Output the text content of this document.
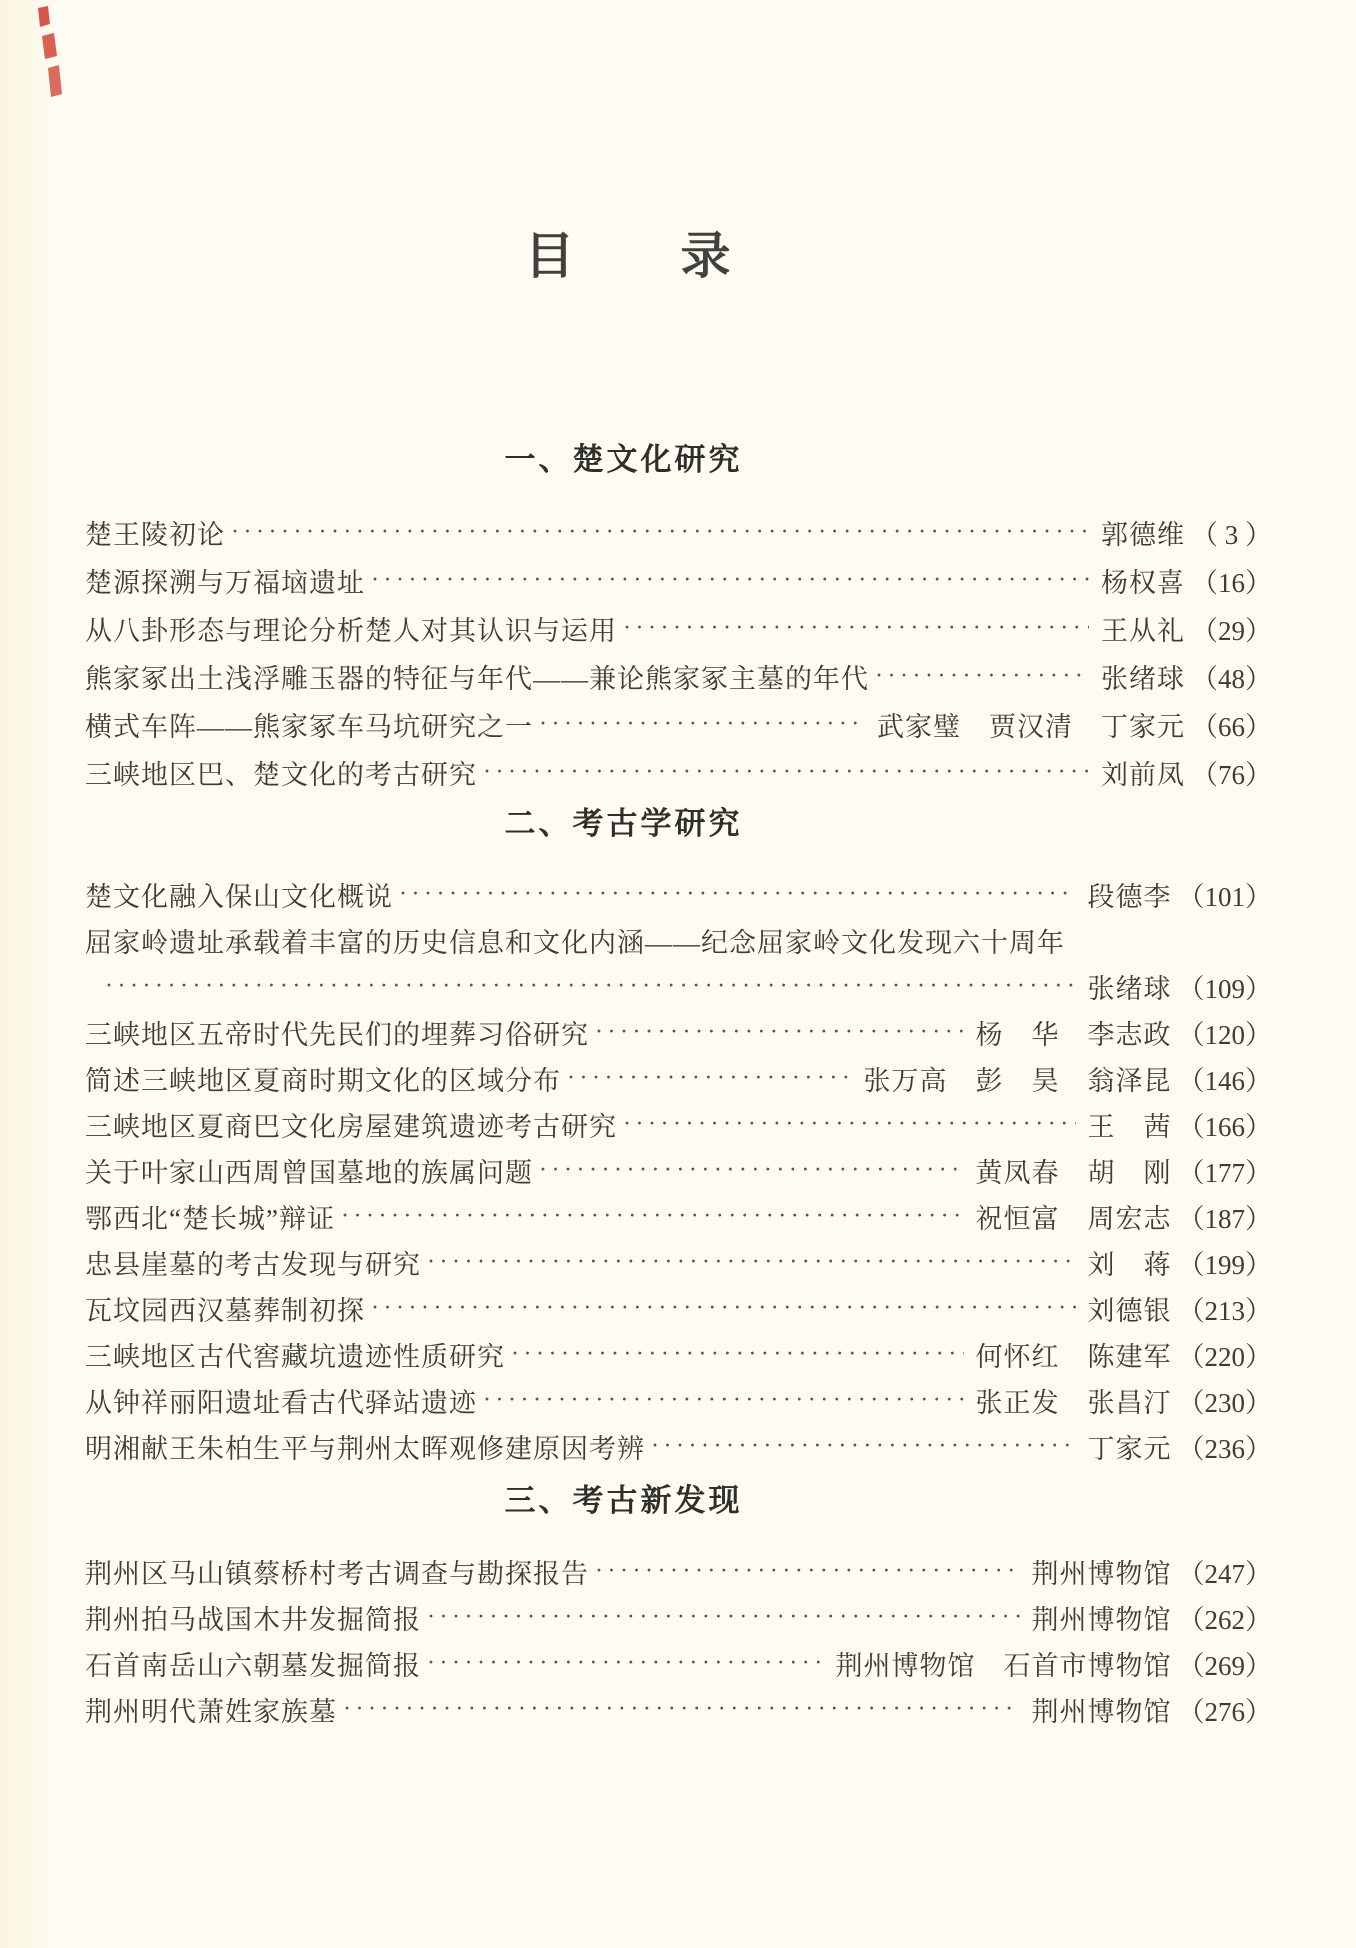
目　　录
一、楚文化研究
楚王陵初论 ·····	郭德维 （ 3 ）
楚源探溯与万福垴遗址 ·····	杨权喜 （16）
从八卦形态与理论分析楚人对其认识与运用 ·····	王从礼 （29）
熊家冢出土浅浮雕玉器的特征与年代——兼论熊家冢主墓的年代 ·····	张绪球 （48）
横式车阵——熊家冢车马坑研究之一 ·····	武家璧　贾汉清　丁家元 （66）
三峡地区巴、楚文化的考古研究 ·····	刘前凤 （76）
二、考古学研究
楚文化融入保山文化概说 ·····	段德李 （101）
屈家岭遗址承载着丰富的历史信息和文化内涵——纪念屈家岭文化发现六十周年
·····
张绪球 （109）
三峡地区五帝时代先民们的埋葬习俗研究 ·····	杨　华　李志政 （120）
简述三峡地区夏商时期文化的区域分布 ·····	张万高　彭　昊　翁泽昆 （146）
三峡地区夏商巴文化房屋建筑遗迹考古研究 ·····	王　茜 （166）
关于叶家山西周曾国墓地的族属问题 ·····	黄凤春　胡　刚 （177）
鄂西北“楚长城”辩证 ·····	祝恒富　周宏志 （187）
忠县崖墓的考古发现与研究 ·····	刘　蒋 （199）
瓦坟园西汉墓葬制初探 ·····	刘德银 （213）
三峡地区古代窖藏坑遗迹性质研究 ·····	何怀红　陈建军 （220）
从钟祥丽阳遗址看古代驿站遗迹 ·····	张正发　张昌汀 （230）
明湘献王朱柏生平与荆州太晖观修建原因考辨 ·····	丁家元 （236）
三、考古新发现
荆州区马山镇蔡桥村考古调查与勘探报告 ·····	荆州博物馆 （247）
荆州拍马战国木井发掘简报 ·····	荆州博物馆 （262）
石首南岳山六朝墓发掘简报 ·····	荆州博物馆　石首市博物馆 （269）
荆州明代萧姓家族墓 ·····	荆州博物馆 （276）
